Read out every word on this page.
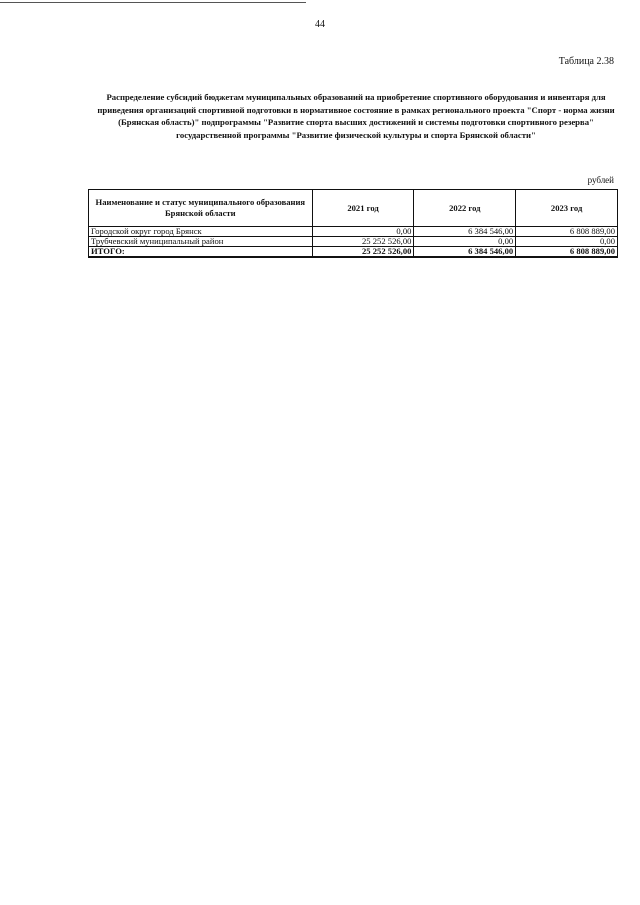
44
Таблица 2.38
Распределение субсидий бюджетам муниципальных образований на приобретение спортивного оборудования и инвентаря для приведения организаций спортивной подготовки в нормативное состояние в рамках регионального проекта "Спорт - норма жизни (Брянская область)" подпрограммы "Развитие спорта высших достижений и системы подготовки спортивного резерва" государственной программы "Развитие физической культуры и спорта Брянской области"
рублей
Наименование и статус муниципального образования Брянской области	2021 год	2022 год	2023 год
Городской округ город Брянск	0,00	6 384 546,00	6 808 889,00
Трубчевский муниципальный район	25 252 526,00	0,00	0,00
ИТОГО:	25 252 526,00	6 384 546,00	6 808 889,00
